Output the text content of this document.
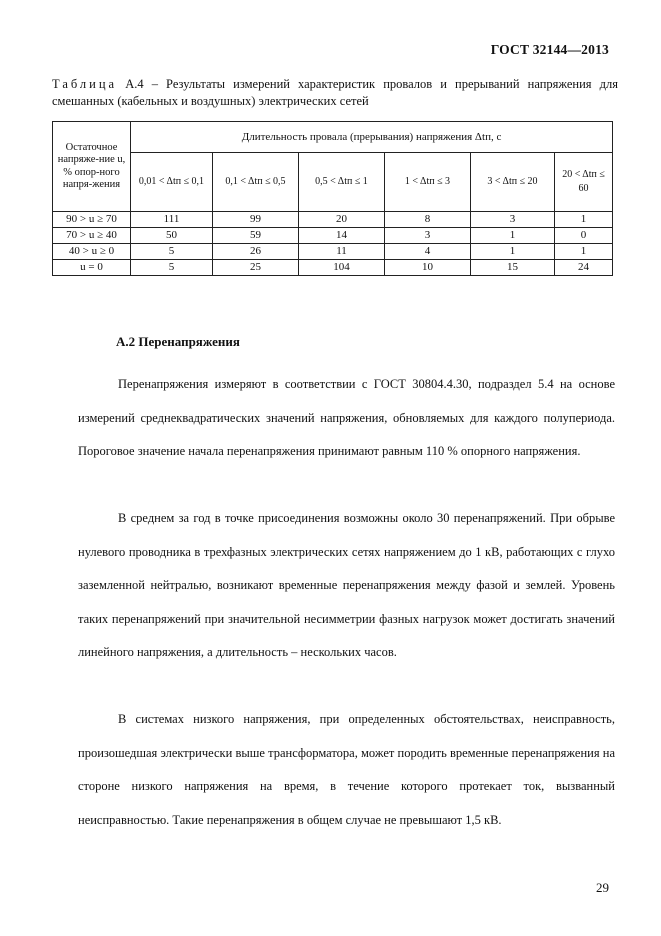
ГОСТ 32144—2013
Таблица А.4 – Результаты измерений характеристик провалов и прерываний напряжения для смешанных (кабельных и воздушных) электрических сетей
Остаточное напряже-ние u, % опор-ного напря-жения	Длительность провала (прерывания) напряжения Δtп, с					
	0,01 < Δtп ≤ 0,1	0,1 < Δtп ≤ 0,5	0,5 < Δtп ≤ 1	1 < Δtп ≤ 3	3 < Δtп ≤ 20	20 < Δtп ≤ 60
90 > u ≥ 70	111	99	20	8	3	1
70 > u ≥ 40	50	59	14	3	1	0
40 > u ≥ 0	5	26	11	4	1	1
u = 0	5	25	104	10	15	24
А.2 Перенапряжения
Перенапряжения измеряют в соответствии с ГОСТ 30804.4.30, подраздел 5.4 на основе измерений среднеквадратических значений напряжения, обновляемых для каждого полупериода. Пороговое значение начала перенапряжения принимают равным 110 % опорного напряжения.
В среднем за год в точке присоединения возможны около 30 перенапряжений. При обрыве нулевого проводника в трехфазных электрических сетях напряжением до 1 кВ, работающих с глухо заземленной нейтралью, возникают временные перенапряжения между фазой и землей. Уровень таких перенапряжений при значительной несимметрии фазных нагрузок может достигать значений линейного напряжения, а длительность – нескольких часов.
В системах низкого напряжения, при определенных обстоятельствах, неисправность, произошедшая электрически выше трансформатора, может породить временные перенапряжения на стороне низкого напряжения на время, в течение которого протекает ток, вызванный неисправностью. Такие перенапряжения в общем случае не превышают 1,5 кВ.
29
